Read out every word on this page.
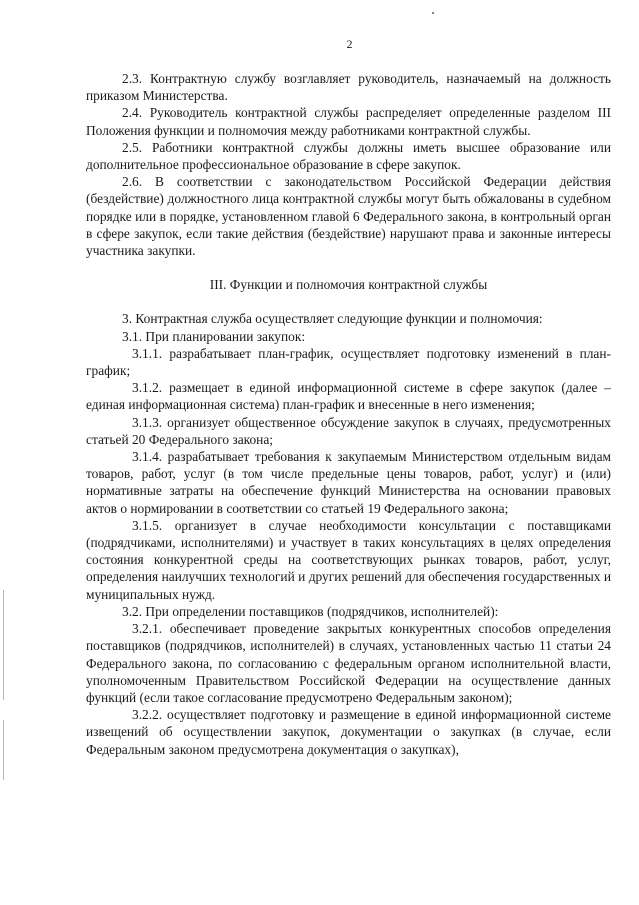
2

2.3. Контрактную службу возглавляет руководитель, назначаемый на должность приказом Министерства.

2.4. Руководитель контрактной службы распределяет определенные разделом III Положения функции и полномочия между работниками контрактной службы.

2.5. Работники контрактной службы должны иметь высшее образование или дополнительное профессиональное образование в сфере закупок.

2.6. В соответствии с законодательством Российской Федерации действия (бездействие) должностного лица контрактной службы могут быть обжалованы в судебном порядке или в порядке, установленном главой 6 Федерального закона, в контрольный орган в сфере закупок, если такие действия (бездействие) нарушают права и законные интересы участника закупки.

III. Функции и полномочия контрактной службы

3. Контрактная служба осуществляет следующие функции и полномочия:

3.1. При планировании закупок:

3.1.1. разрабатывает план-график, осуществляет подготовку изменений в план-график;

3.1.2. размещает в единой информационной системе в сфере закупок (далее – единая информационная система) план-график и внесенные в него изменения;

3.1.3. организует общественное обсуждение закупок в случаях, предусмотренных статьей 20 Федерального закона;

3.1.4. разрабатывает требования к закупаемым Министерством отдельным видам товаров, работ, услуг (в том числе предельные цены товаров, работ, услуг) и (или) нормативные затраты на обеспечение функций Министерства на основании правовых актов о нормировании в соответствии со статьей 19 Федерального закона;

3.1.5. организует в случае необходимости консультации с поставщиками (подрядчиками, исполнителями) и участвует в таких консультациях в целях определения состояния конкурентной среды на соответствующих рынках товаров, работ, услуг, определения наилучших технологий и других решений для обеспечения государственных и муниципальных нужд.

3.2. При определении поставщиков (подрядчиков, исполнителей):

3.2.1. обеспечивает проведение закрытых конкурентных способов определения поставщиков (подрядчиков, исполнителей) в случаях, установленных частью 11 статьи 24 Федерального закона, по согласованию с федеральным органом исполнительной власти, уполномоченным Правительством Российской Федерации на осуществление данных функций (если такое согласование предусмотрено Федеральным законом);

3.2.2. осуществляет подготовку и размещение в единой информационной системе извещений об осуществлении закупок, документации о закупках (в случае, если Федеральным законом предусмотрена документация о закупках),
